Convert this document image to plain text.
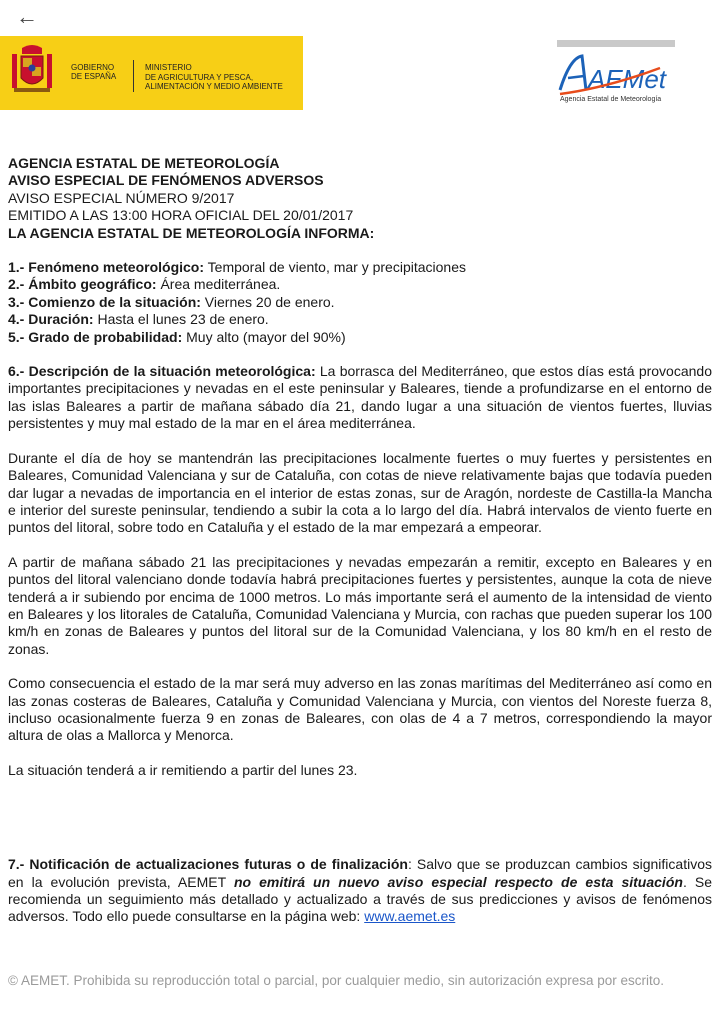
←
GOBIERNO
DE ESPAÑA
MINISTERIO
DE AGRICULTURA Y PESCA,
ALIMENTACIÓN Y MEDIO AMBIENTE	AEMet
Agencia Estatal de Meteorología
AGENCIA ESTATAL DE METEOROLOGÍA
AVISO ESPECIAL DE FENÓMENOS ADVERSOS
AVISO ESPECIAL NÚMERO 9/2017
EMITIDO A LAS 13:00 HORA OFICIAL DEL 20/01/2017
LA AGENCIA ESTATAL DE METEOROLOGÍA INFORMA:
1.- Fenómeno meteorológico: Temporal de viento, mar y precipitaciones
2.- Ámbito geográfico: Área mediterránea.
3.- Comienzo de la situación: Viernes 20 de enero.
4.- Duración: Hasta el lunes 23 de enero.
5.- Grado de probabilidad: Muy alto (mayor del 90%)

6.- Descripción de la situación meteorológica: La borrasca del Mediterráneo, que estos días está provocando importantes precipitaciones y nevadas en el este peninsular y Baleares, tiende a profundizarse en el entorno de las islas Baleares a partir de mañana sábado día 21, dando lugar a una situación de vientos fuertes, lluvias persistentes y muy mal estado de la mar en el área mediterránea.

Durante el día de hoy se mantendrán las precipitaciones localmente fuertes o muy fuertes y persistentes en Baleares, Comunidad Valenciana y sur de Cataluña, con cotas de nieve relativamente bajas que todavía pueden dar lugar a nevadas de importancia en el interior de estas zonas, sur de Aragón, nordeste de Castilla-la Mancha e interior del sureste peninsular, tendiendo a subir la cota a lo largo del día. Habrá intervalos de viento fuerte en puntos del litoral, sobre todo en Cataluña y el estado de la mar empezará a empeorar.

A partir de mañana sábado 21 las precipitaciones y nevadas empezarán a remitir, excepto en Baleares y en puntos del litoral valenciano donde todavía habrá precipitaciones fuertes y persistentes, aunque la cota de nieve tenderá a ir subiendo por encima de 1000 metros. Lo más importante será el aumento de la intensidad de viento en Baleares y los litorales de Cataluña, Comunidad Valenciana y Murcia, con rachas que pueden superar los 100 km/h en zonas de Baleares y puntos del litoral sur de la Comunidad Valenciana, y los 80 km/h en el resto de zonas.

Como consecuencia el estado de la mar será muy adverso en las zonas marítimas del Mediterráneo así como en las zonas costeras de Baleares, Cataluña y Comunidad Valenciana y Murcia, con vientos del Noreste fuerza 8, incluso ocasionalmente fuerza 9 en zonas de Baleares, con olas de 4 a 7 metros, correspondiendo la mayor altura de olas a Mallorca y Menorca.

La situación tenderá a ir remitiendo a partir del lunes 23.

7.- Notificación de actualizaciones futuras o de finalización: Salvo que se produzcan cambios significativos en la evolución prevista, AEMET no emitirá un nuevo aviso especial respecto de esta situación. Se recomienda un seguimiento más detallado y actualizado a través de sus predicciones y avisos de fenómenos adversos. Todo ello puede consultarse en la página web: www.aemet.es

© AEMET. Prohibida su reproducción total o parcial, por cualquier medio, sin autorización expresa por escrito.
